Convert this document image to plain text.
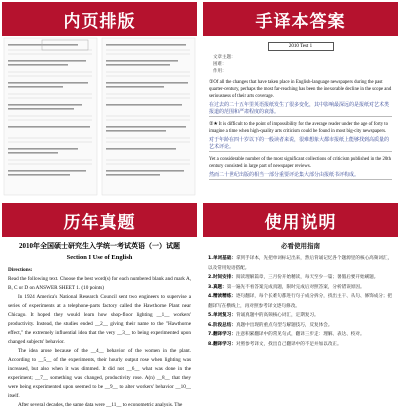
内页排版	手译本答案
2010 Test 1
文章主题：
困难：
作用：
①Of all the changes that have taken place in English-language newspapers during the past quarter-century, perhaps the most far-reaching has been the inexorable decline in the scope and seriousness of their arts coverage.
在过去的二十五年里英语报纸发生了很多变化，其中影响最深远的是报纸对艺术类报道的范围和严肃程度的衰落。
②★ It is difficult to the point of impossibility for the average reader under the age of forty to imagine a time when high-quality arts criticism could be found in most big-city newspapers.
对于年龄在四十岁以下的一般读者来说，很难想象大都市报纸上能够找到高质量的艺术评论。
Yet a considerable number of the most significant collections of criticism published in the 20th century consisted in large part of newspaper reviews.
然而二十世纪出版的相当一部分重要评论集大部分由报纸书评构成。
历年真题
2010年全国硕士研究生入学统一考试英语（一）试题
Section I Use of English
Directions:
Read the following text. Choose the best word(s) for each numbered blank and mark A, B, C or D on ANSWER SHEET 1. (10 points)
In 1924 America's National Research Council sent two engineers to supervise a series of experiments at a telephone-parts factory called the Hawthorne Plant near Chicago. It hoped they would learn how shop-floor lighting __1__ workers' productivity. Instead, the studies ended __2__ giving their name to the "Hawthorne effect," the extremely influential idea that the very __3__ to being experimented upon changed subjects' behavior.
The idea arose because of the __4__ behavior of the women in the plant. According to __5__ of the experiments, their hourly output rose when lighting was increased, but also when it was dimmed. It did not __6__ what was done in the experiment; __7__ something was changed, productivity rose. A(n) __8__ that they were being experimented upon seemed to be __9__ to alter workers' behavior __10__ itself.
After several decades, the same data were __11__ to econometric analysis. The
使用说明
必看使用指南
1.单词基础：拿到手译本，先把单词标记出来，然后背诵记忆各个题源里的核心高频词汇，以及常用短语搭配。
2.时间安排：阅读理解篇章，三月份开始精读，每天至少一篇；暑假后要开始刷题。
3.真题：第一遍先不看答案完成真题，限时完成后对照答案，分析错误原因。
4.精读精练：逐句翻译，每个长难句都进行句子成分拆分，找出主干、从句、修饰成分；把翻译写在横线上，再对照参考译文逐句修改。
5.单词复习：背诵真题中的高频核心词汇，定期复习。
6.阶段总结：真题中出现的重点句型与解题技巧，反复体会。
7.翻译学习：注意积累翻译中的常见句式，翻译三步走：理解、表达、校对。
8.翻译学习：对照参考译文，找出自己翻译中的不足并加以改正。
